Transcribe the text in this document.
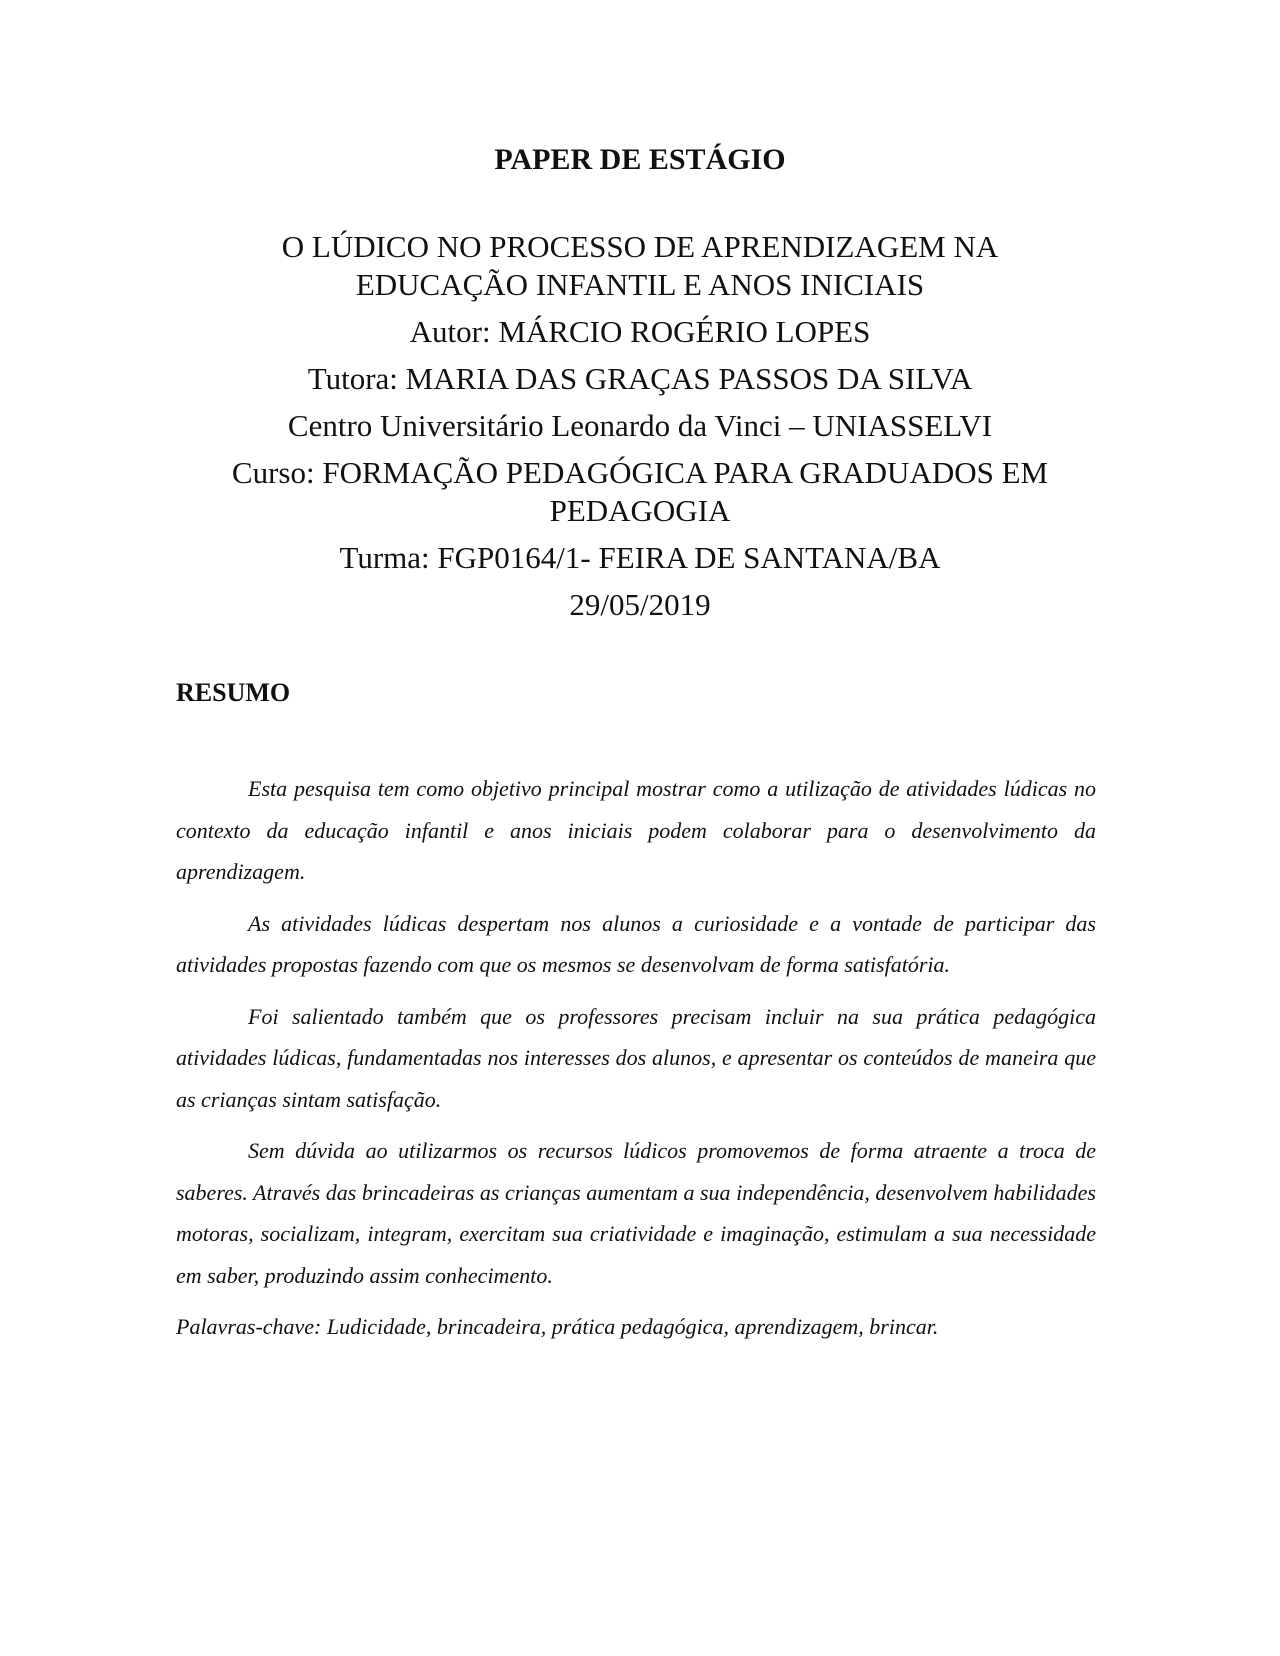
PAPER DE ESTÁGIO
O LÚDICO NO PROCESSO DE APRENDIZAGEM NA
EDUCAÇÃO INFANTIL E ANOS INICIAIS
Autor: MÁRCIO ROGÉRIO LOPES
Tutora: MARIA DAS GRAÇAS PASSOS DA SILVA
Centro Universitário Leonardo da Vinci – UNIASSELVI
Curso: FORMAÇÃO PEDAGÓGICA PARA GRADUADOS EM
PEDAGOGIA
Turma: FGP0164/1- FEIRA DE SANTANA/BA
29/05/2019
RESUMO

Esta pesquisa tem como objetivo principal mostrar como a utilização de atividades lúdicas no contexto da educação infantil e anos iniciais podem colaborar para o desenvolvimento da aprendizagem.

As atividades lúdicas despertam nos alunos a curiosidade e a vontade de participar das atividades propostas fazendo com que os mesmos se desenvolvam de forma satisfatória.

Foi salientado também que os professores precisam incluir na sua prática pedagógica atividades lúdicas, fundamentadas nos interesses dos alunos, e apresentar os conteúdos de maneira que as crianças sintam satisfação.

Sem dúvida ao utilizarmos os recursos lúdicos promovemos de forma atraente a troca de saberes. Através das brincadeiras as crianças aumentam a sua independência, desenvolvem habilidades motoras, socializam, integram, exercitam sua criatividade e imaginação, estimulam a sua necessidade em saber, produzindo assim conhecimento.

Palavras-chave: Ludicidade, brincadeira, prática pedagógica, aprendizagem, brincar.
